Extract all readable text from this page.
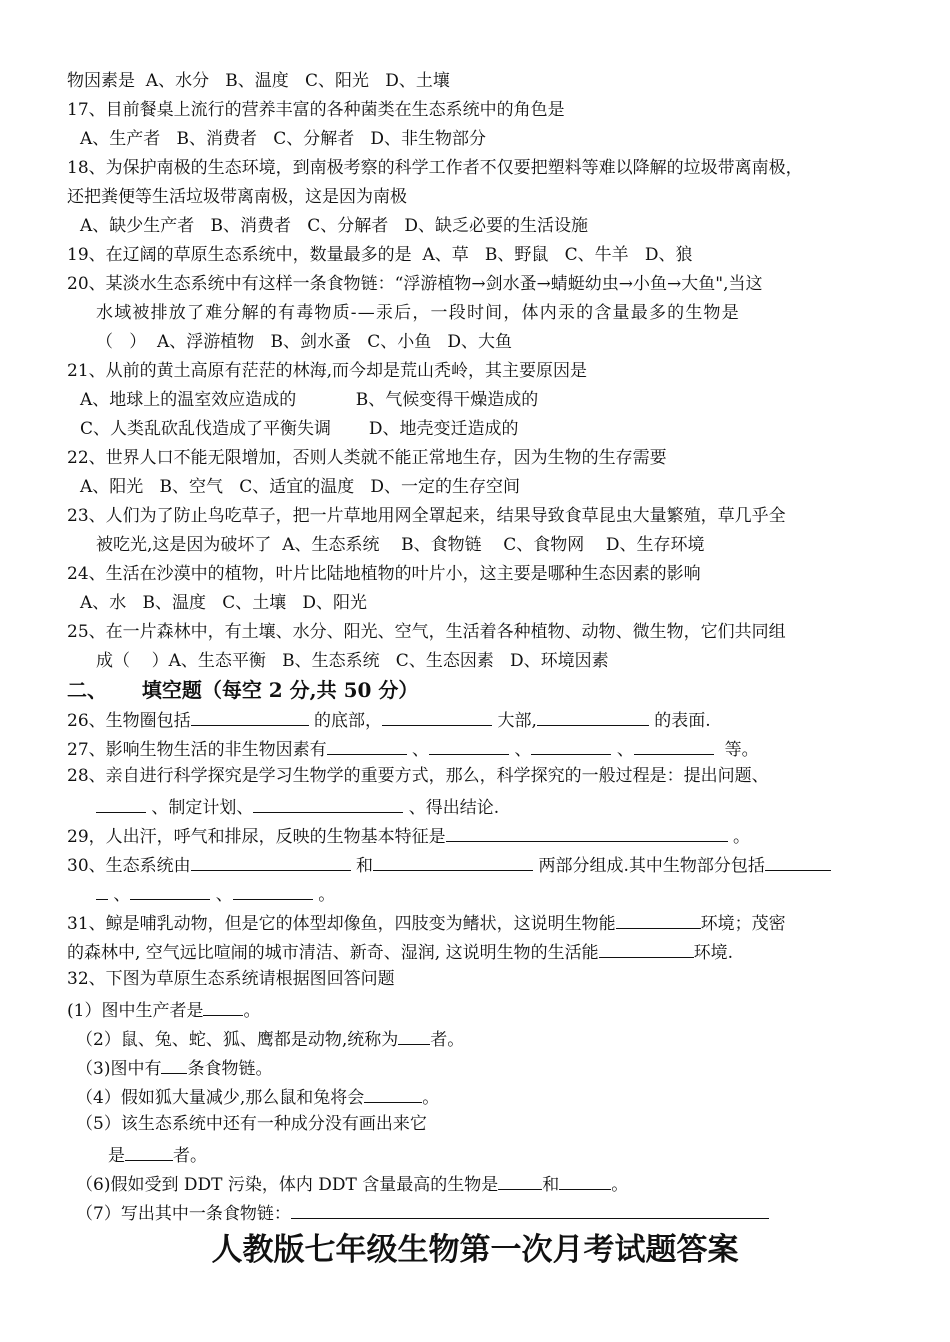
物因素是  A、水分   B、温度   C、阳光   D、土壤
17、目前餐桌上流行的营养丰富的各种菌类在生态系统中的角色是
A、生产者   B、消费者   C、分解者   D、非生物部分
18、为保护南极的生态环境，到南极考察的科学工作者不仅要把塑料等难以降解的垃圾带离南极，
还把粪便等生活垃圾带离南极，这是因为南极
A、缺少生产者   B、消费者   C、分解者   D、缺乏必要的生活设施
19、在辽阔的草原生态系统中，数量最多的是  A、草   B、野鼠   C、牛羊   D、狼
20、某淡水生态系统中有这样一条食物链：“浮游植物→剑水蚤→蜻蜓幼虫→小鱼→大鱼",当这
水域被排放了难分解的有毒物质-—汞后，一段时间，体内汞的含量最多的生物是
（   ）  A、浮游植物   B、剑水蚤   C、小鱼   D、大鱼
21、从前的黄土高原有茫茫的林海,而今却是荒山秃岭，其主要原因是
A、地球上的温室效应造成的           B、气候变得干燥造成的
C、人类乱砍乱伐造成了平衡失调       D、地壳变迁造成的
22、世界人口不能无限增加，否则人类就不能正常地生存，因为生物的生存需要
A、阳光   B、空气   C、适宜的温度   D、一定的生存空间
23、人们为了防止鸟吃草子，把一片草地用网全罩起来，结果导致食草昆虫大量繁殖，草几乎全
被吃光,这是因为破坏了  A、生态系统    B、食物链    C、食物网    D、生存环境
24、生活在沙漠中的植物，叶片比陆地植物的叶片小，这主要是哪种生态因素的影响
A、水   B、温度   C、土壤   D、阳光
25、在一片森林中，有土壤、水分、阳光、空气，生活着各种植物、动物、微生物，它们共同组
成（    ）A、生态平衡   B、生态系统   C、生态因素   D、环境因素
二、     填空题（每空 2 分,共 50 分）
26、生物圈包括	的底部，	大部,	的表面.
27、影响生物生活的非生物因素有	、	、	、	等。
28、亲自进行科学探究是学习生物学的重要方式，那么，科学探究的一般过程是：提出问题、
、制定计划、	、得出结论.
29，人出汗，呼气和排尿，反映的生物基本特征是	。
30、生态系统由	和	两部分组成.其中生物部分包括
、	、	。
31、鲸是哺乳动物，但是它的体型却像鱼，四肢变为鳍状，这说明生物能	环境；茂密
的森林中, 空气远比喧闹的城市清洁、新奇、湿润, 这说明生物的生活能	环境.
32、下图为草原生态系统请根据图回答问题
(1）图中生产者是 。
（2）鼠、兔、蛇、狐、鹰都是动物,统称为 者。
（3)图中有 条食物链。
（4）假如狐大量减少,那么鼠和兔将会	。
（5）该生态系统中还有一种成分没有画出来它
是	者。
（6)假如受到 DDT 污染，体内 DDT 含量最高的生物是	和	。
（7）写出其中一条食物链：
人教版七年级生物第一次月考试题答案
